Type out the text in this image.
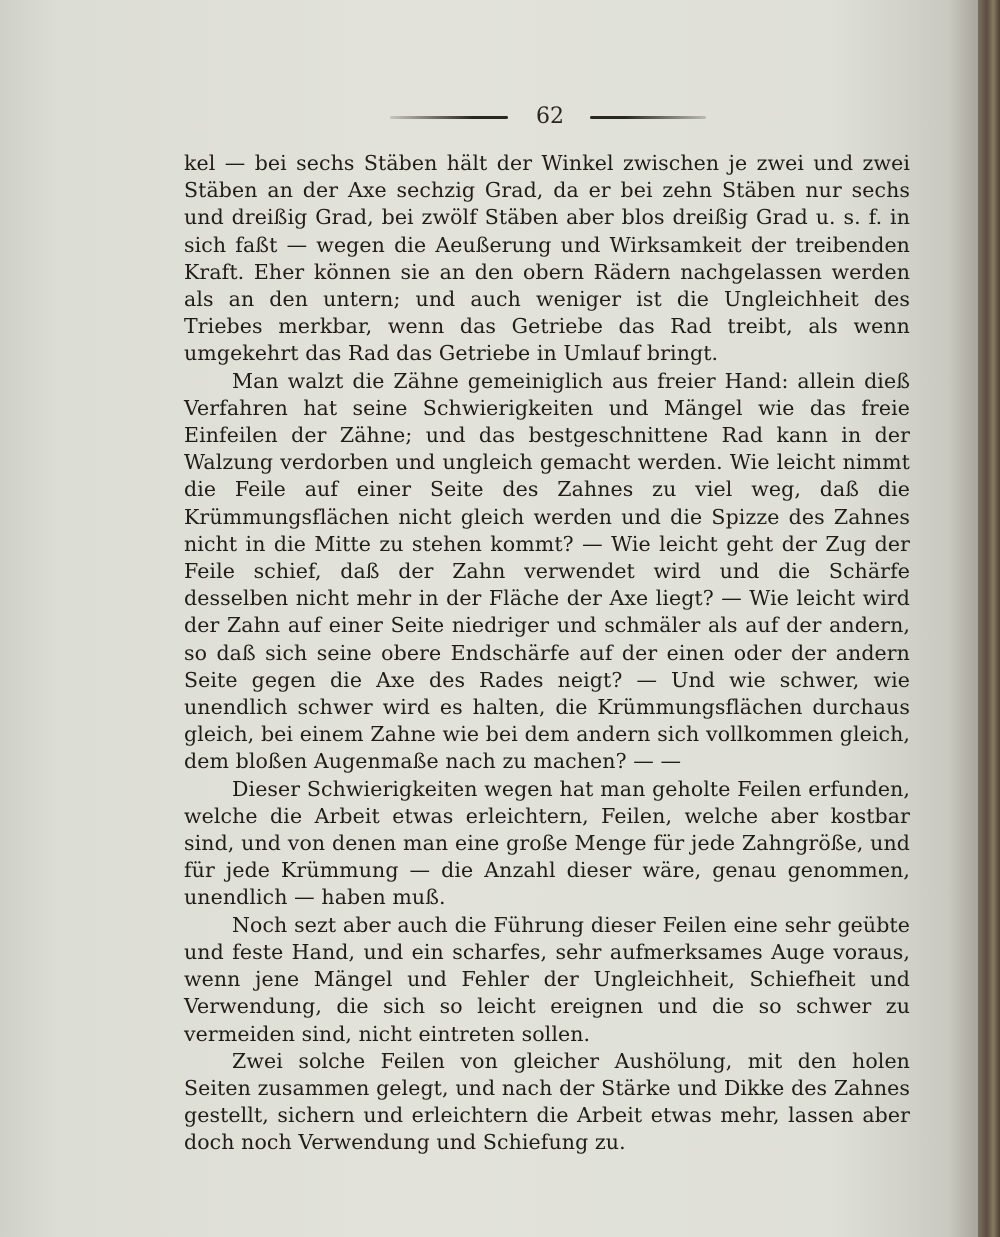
62

kel — bei sechs Stäben hält der Winkel zwischen je zwei und zwei Stäben an der Axe sechzig Grad, da er bei zehn Stäben nur sechs und dreißig Grad, bei zwölf Stäben aber blos dreißig Grad u. s. f. in sich faßt — wegen die Aeußerung und Wirksamkeit der treibenden Kraft. Eher können sie an den obern Rädern nachgelassen werden als an den untern; und auch weniger ist die Ungleichheit des Triebes merkbar, wenn das Getriebe das Rad treibt, als wenn umgekehrt das Rad das Getriebe in Umlauf bringt.

Man walzt die Zähne gemeiniglich aus freier Hand: allein dieß Verfahren hat seine Schwierigkeiten und Mängel wie das freie Einfeilen der Zähne; und das bestgeschnittene Rad kann in der Walzung verdorben und ungleich gemacht werden. Wie leicht nimmt die Feile auf einer Seite des Zahnes zu viel weg, daß die Krümmungsflächen nicht gleich werden und die Spizze des Zahnes nicht in die Mitte zu stehen kommt? — Wie leicht geht der Zug der Feile schief, daß der Zahn verwendet wird und die Schärfe desselben nicht mehr in der Fläche der Axe liegt? — Wie leicht wird der Zahn auf einer Seite niedriger und schmäler als auf der andern, so daß sich seine obere Endschärfe auf der einen oder der andern Seite gegen die Axe des Rades neigt? — Und wie schwer, wie unendlich schwer wird es halten, die Krümmungsflächen durchaus gleich, bei einem Zahne wie bei dem andern sich vollkommen gleich, dem bloßen Augenmaße nach zu machen? — —

Dieser Schwierigkeiten wegen hat man geholte Feilen erfunden, welche die Arbeit etwas erleichtern, Feilen, welche aber kostbar sind, und von denen man eine große Menge für jede Zahngröße, und für jede Krümmung — die Anzahl dieser wäre, genau genommen, unendlich — haben muß.

Noch sezt aber auch die Führung dieser Feilen eine sehr geübte und feste Hand, und ein scharfes, sehr aufmerksames Auge voraus, wenn jene Mängel und Fehler der Ungleichheit, Schiefheit und Verwendung, die sich so leicht ereignen und die so schwer zu vermeiden sind, nicht eintreten sollen.

Zwei solche Feilen von gleicher Aushölung, mit den holen Seiten zusammen gelegt, und nach der Stärke und Dikke des Zahnes gestellt, sichern und erleichtern die Arbeit etwas mehr, lassen aber doch noch Verwendung und Schiefung zu.
